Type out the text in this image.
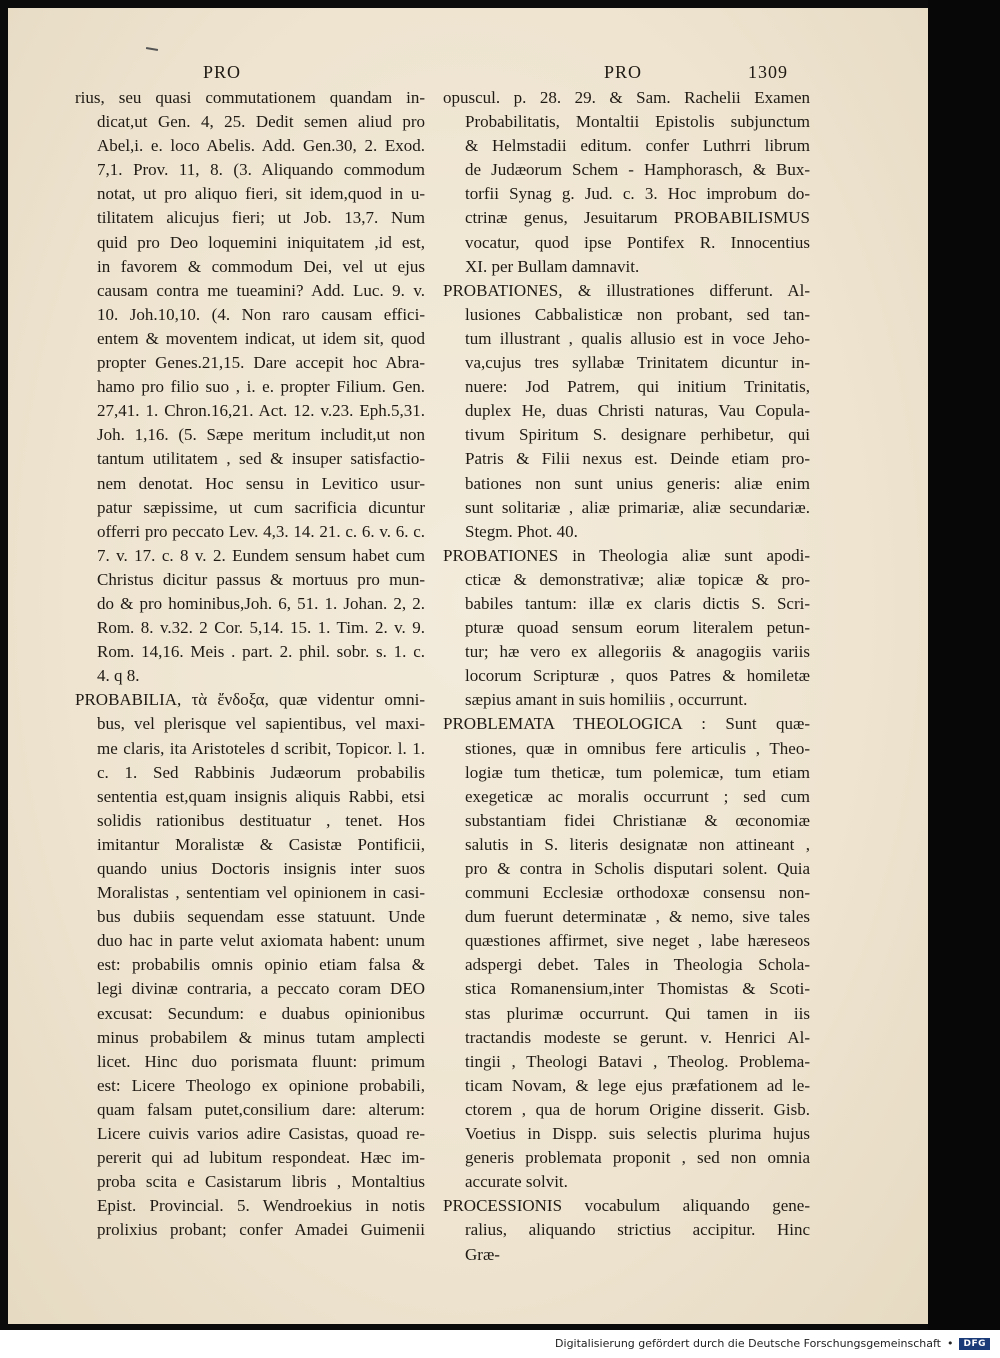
PRO	PRO	1309
rius, seu quasi commutationem quandam in-
dicat,ut Gen. 4, 25. Dedit semen aliud pro
Abel,i. e. loco Abelis. Add. Gen.30, 2. Exod.
7,1. Prov. 11, 8. (3. Aliquando commodum
notat, ut pro aliquo fieri, sit idem,quod in u-
tilitatem alicujus fieri; ut Job. 13,7. Num
quid pro Deo loquemini iniquitatem ,id est,
in favorem & commodum Dei, vel ut ejus
causam contra me tueamini? Add. Luc. 9. v.
10. Joh.10,10. (4. Non raro causam effici-
entem & moventem indicat, ut idem sit, quod
propter Genes.21,15. Dare accepit hoc Abra-
hamo pro filio suo , i. e. propter Filium. Gen.
27,41. 1. Chron.16,21. Act. 12. v.23. Eph.5,31.
Joh. 1,16. (5. Sæpe meritum includit,ut non
tantum utilitatem , sed & insuper satisfactio-
nem denotat. Hoc sensu in Levitico usur-
patur sæpissime, ut cum sacrificia dicuntur
offerri pro peccato Lev. 4,3. 14. 21. c. 6. v. 6. c.
7. v. 17. c. 8 v. 2. Eundem sensum habet cum
Christus dicitur passus & mortuus pro mun-
do & pro hominibus,Joh. 6, 51. 1. Johan. 2, 2.
Rom. 8. v.32. 2 Cor. 5,14. 15. 1. Tim. 2. v. 9.
Rom. 14,16. Meis . part. 2. phil. sobr. s. 1. c.
4. q 8.
PROBABILIA, τὰ ἔνδοξα, quæ videntur omni-
bus, vel plerisque vel sapientibus, vel maxi-
me claris, ita Aristoteles d scribit, Topicor. l. 1.
c. 1. Sed Rabbinis Judæorum probabilis
sententia est,quam insignis aliquis Rabbi, etsi
solidis rationibus destituatur , tenet. Hos
imitantur Moralistæ & Casistæ Pontificii,
quando unius Doctoris insignis inter suos
Moralistas , sententiam vel opinionem in casi-
bus dubiis sequendam esse statuunt. Unde
duo hac in parte velut axiomata habent: unum
est: probabilis omnis opinio etiam falsa &
legi divinæ contraria, a peccato coram DEO
excusat: Secundum: e duabus opinionibus
minus probabilem & minus tutam amplecti
licet. Hinc duo porismata fluunt: primum
est: Licere Theologo ex opinione probabili,
quam falsam putet,consilium dare: alterum:
Licere cuivis varios adire Casistas, quoad re-
pererit qui ad lubitum respondeat. Hæc im-
proba scita e Casistarum libris , Montaltius
Epist. Provincial. 5. Wendroekius in notis
prolixius probant; confer Amadei Guimenii
opuscul. p. 28. 29. & Sam. Rachelii Examen
Probabilitatis, Montaltii Epistolis subjunctum
& Helmstadii editum. confer Luthrri librum
de Judæorum Schem - Hamphorasch, & Bux-
torfii Synag g. Jud. c. 3. Hoc improbum do-
ctrinæ genus, Jesuitarum PROBABILISMUS
vocatur, quod ipse Pontifex R. Innocentius
XI. per Bullam damnavit.
PROBATIONES, & illustrationes differunt. Al-
lusiones Cabbalisticæ non probant, sed tan-
tum illustrant , qualis allusio est in voce Jeho-
va,cujus tres syllabæ Trinitatem dicuntur in-
nuere: Jod Patrem, qui initium Trinitatis,
duplex He, duas Christi naturas, Vau Copula-
tivum Spiritum S. designare perhibetur, qui
Patris & Filii nexus est. Deinde etiam pro-
bationes non sunt unius generis: aliæ enim
sunt solitariæ , aliæ primariæ, aliæ secundariæ.
Stegm. Phot. 40.
PROBATIONES in Theologia aliæ sunt apodi-
cticæ & demonstrativæ; aliæ topicæ & pro-
babiles tantum: illæ ex claris dictis S. Scri-
pturæ quoad sensum eorum literalem petun-
tur; hæ vero ex allegoriis & anagogiis variis
locorum Scripturæ , quos Patres & homiletæ
sæpius amant in suis homiliis , occurrunt.
PROBLEMATA THEOLOGICA : Sunt quæ-
stiones, quæ in omnibus fere articulis , Theo-
logiæ tum theticæ, tum polemicæ, tum etiam
exegeticæ ac moralis occurrunt ; sed cum
substantiam fidei Christianæ & œconomiæ
salutis in S. literis designatæ non attineant ,
pro & contra in Scholis disputari solent. Quia
communi Ecclesiæ orthodoxæ consensu non-
dum fuerunt determinatæ , & nemo, sive tales
quæstiones affirmet, sive neget , labe hæreseos
adspergi debet. Tales in Theologia Schola-
stica Romanensium,inter Thomistas & Scoti-
stas plurimæ occurrunt. Qui tamen in iis
tractandis modeste se gerunt. v. Henrici Al-
tingii , Theologi Batavi , Theolog. Problema-
ticam Novam, & lege ejus præfationem ad le-
ctorem , qua de horum Origine disserit. Gisb.
Voetius in Dispp. suis selectis plurima hujus
generis problemata proponit , sed non omnia
accurate solvit.
PROCESSIONIS vocabulum aliquando gene-
ralius, aliquando strictius accipitur. Hinc
Græ-
Digitalisierung gefördert durch die Deutsche Forschungsgemeinschaft •	DFG
